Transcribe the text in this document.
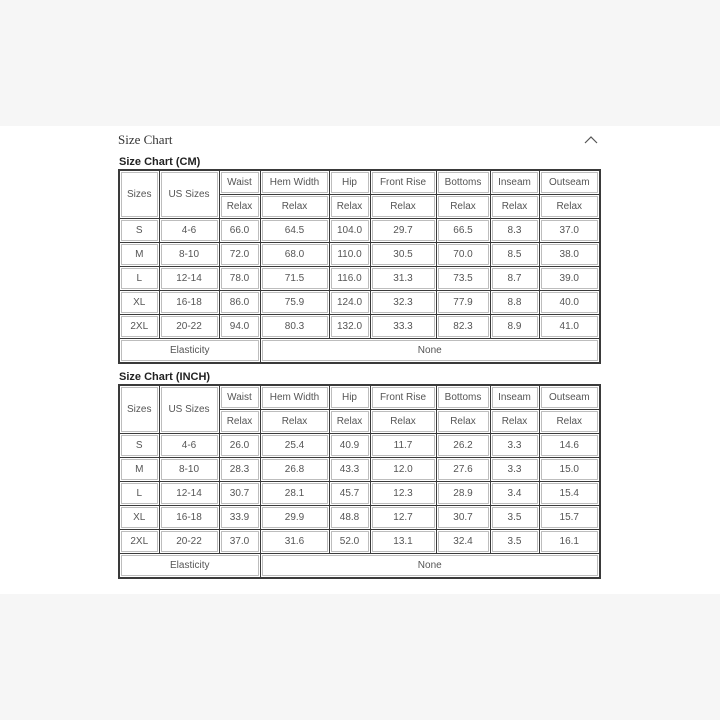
Size Chart
Size Chart (CM)
Sizes	US Sizes	Waist	Hem Width	Hip	Front Rise	Bottoms	Inseam	Outseam
		Relax	Relax	Relax	Relax	Relax	Relax	Relax
S	4-6	66.0	64.5	104.0	29.7	66.5	8.3	37.0
M	8-10	72.0	68.0	110.0	30.5	70.0	8.5	38.0
L	12-14	78.0	71.5	116.0	31.3	73.5	8.7	39.0
XL	16-18	86.0	75.9	124.0	32.3	77.9	8.8	40.0
2XL	20-22	94.0	80.3	132.0	33.3	82.3	8.9	41.0
Elasticity			None					
Size Chart (INCH)
Sizes	US Sizes	Waist	Hem Width	Hip	Front Rise	Bottoms	Inseam	Outseam
		Relax	Relax	Relax	Relax	Relax	Relax	Relax
S	4-6	26.0	25.4	40.9	11.7	26.2	3.3	14.6
M	8-10	28.3	26.8	43.3	12.0	27.6	3.3	15.0
L	12-14	30.7	28.1	45.7	12.3	28.9	3.4	15.4
XL	16-18	33.9	29.9	48.8	12.7	30.7	3.5	15.7
2XL	20-22	37.0	31.6	52.0	13.1	32.4	3.5	16.1
Elasticity			None					
